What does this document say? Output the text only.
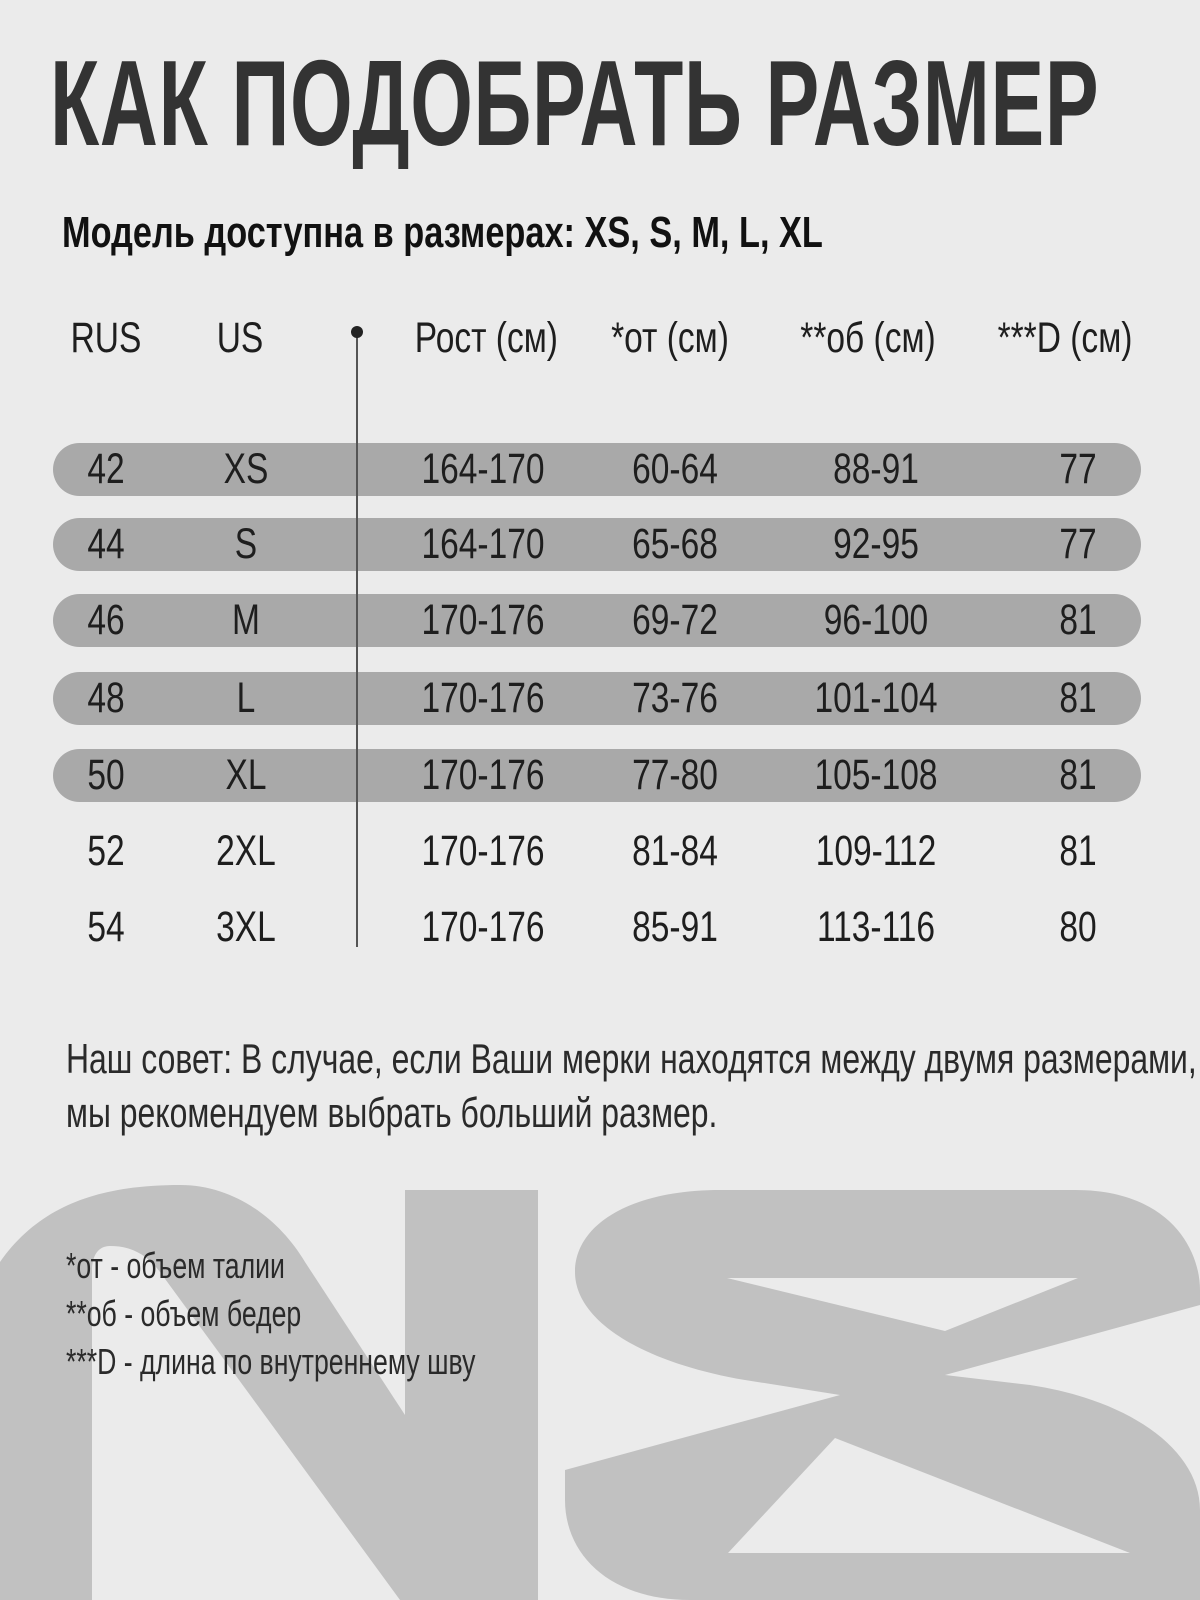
КАК ПОДОБРАТЬ РАЗМЕР
Модель доступна в размерах: XS, S, M, L, XL
RUS	US	Рост (см) *от (см) **об (см) ***D (см)
42	XS	164-170	60-64	88-91	77
44	S	164-170	65-68	92-95	77
46	M	170-176	69-72	96-100	81
48	L	170-176	73-76	101-104	81
50	XL	170-176	77-80	105-108	81
52	2XL	170-176	81-84	109-112	81
54	3XL	170-176	85-91	113-116	80
Наш совет: В случае, если Ваши мерки находятся между двумя размерами,
мы рекомендуем выбрать больший размер.
*от - объем талии
**об - объем бедер
***D - длина по внутреннему шву
